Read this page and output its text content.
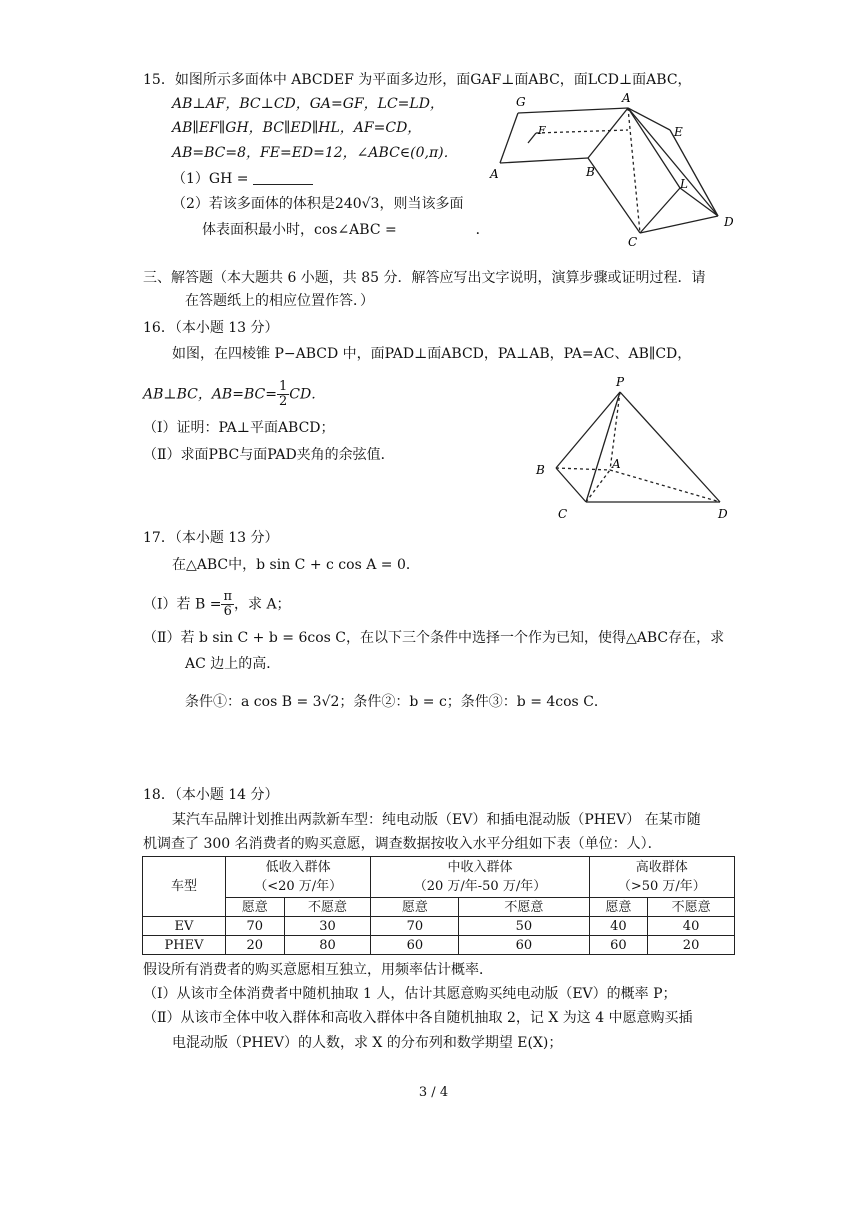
15．如图所示多面体中 ABCDEF 为平面多边形，面GAF⊥面ABC，面LCD⊥面ABC，
AB⊥AF，BC⊥CD，GA=GF，LC=LD，
AB∥EF∥GH，BC∥ED∥HL，AF=CD，
AB=BC=8，FE=ED=12，∠ABC∈(0,π)．
（1）GH =
（2）若该多面体的体积是240√3，则当该多面
体表面积最小时，cos∠ABC =	．
G	A
E
F
A	B
L
D
C
三、解答题（本大题共 6 小题，共 85 分．解答应写出文字说明，演算步骤或证明过程．请
在答题纸上的相应位置作答．）
16．（本小题 13 分）
如图，在四棱锥 P−ABCD 中，面PAD⊥面ABCD，PA⊥AB，PA=AC、AB∥CD，
AB⊥BC，$AB=BC= \frac{1}{2}$ CD．
（Ⅰ）证明：PA⊥平面ABCD；
（Ⅱ）求面PBC与面PAD夹角的余弦值．
P
B	A
C	D
17．（本小题 13 分）
在△ABC中，b sin C + c cos A = 0．
（Ⅰ）若 $B = \frac{\pi}{6}$ ，求 A；
（Ⅱ）若 b sin C + b = 6cos C，在以下三个条件中选择一个作为已知，使得△ABC存在，求
AC 边上的高．
条件①：a cos B = 3√2；条件②：b = c；条件③：b = 4cos C．
18．（本小题 14 分）
某汽车品牌计划推出两款新车型：纯电动版（EV）和插电混动版（PHEV） 在某市随
机调查了 300 名消费者的购买意愿，调查数据按收入水平分组如下表（单位：人）．
车型	低收入群体
（<20 万/年）		中收入群体
（20 万/年-50 万/年）		高收群体
（>50 万/年）	
	愿意	不愿意	愿意	不愿意	愿意	不愿意
EV	70	30	70	50	40	40
PHEV	20	80	60	60	60	20
假设所有消费者的购买意愿相互独立，用频率估计概率．
（Ⅰ）从该市全体消费者中随机抽取 1 人，估计其愿意购买纯电动版（EV）的概率 P；
（Ⅱ）从该市全体中收入群体和高收入群体中各自随机抽取 2，记 X 为这 4 中愿意购买插
电混动版（PHEV）的人数，求 X 的分布列和数学期望 E(X)；
3 / 4
